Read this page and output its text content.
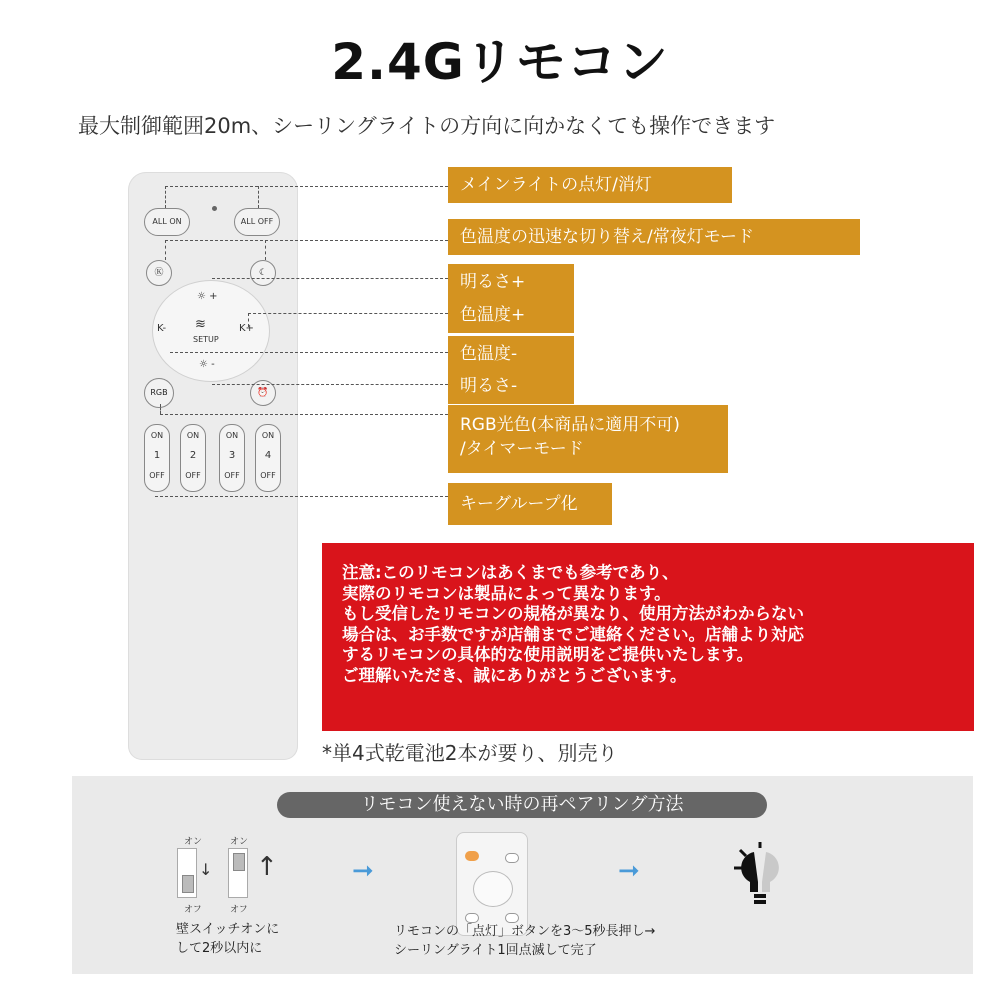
2.4Gリモコン
最大制御範囲20m、シーリングライトの方向に向かなくても操作できます
ALL ON	ALL OFF
Ⓚ	☾
☼ +
K-	K+
≋
SETUP
☼ -
RGB	⏰
ON
1
OFF
ON
2
OFF
ON
3
OFF
ON
4
OFF
メインライトの点灯/消灯
色温度の迅速な切り替え/常夜灯モード
明るさ+
色温度+
色温度-
明るさ-
RGB光色(本商品に適用不可)
/タイマーモード
キーグループ化
注意:このリモコンはあくまでも参考であり、
実際のリモコンは製品によって異なります。
もし受信したリモコンの規格が異なり、使用方法がわからない
場合は、お手数ですが店舗までご連絡ください。店舗より対応
するリモコンの具体的な使用説明をご提供いたします。
ご理解いただき、誠にありがとうございます。
*単4式乾電池2本が要り、別売り
リモコン使えない時の再ペアリング方法
オン	オン
↓ ↑
オフ	オフ
壁スイッチオンに
して2秒以内に
➞
リモコンの「点灯」ボタンを3～5秒長押し→
シーリングライト1回点滅して完了
➞
